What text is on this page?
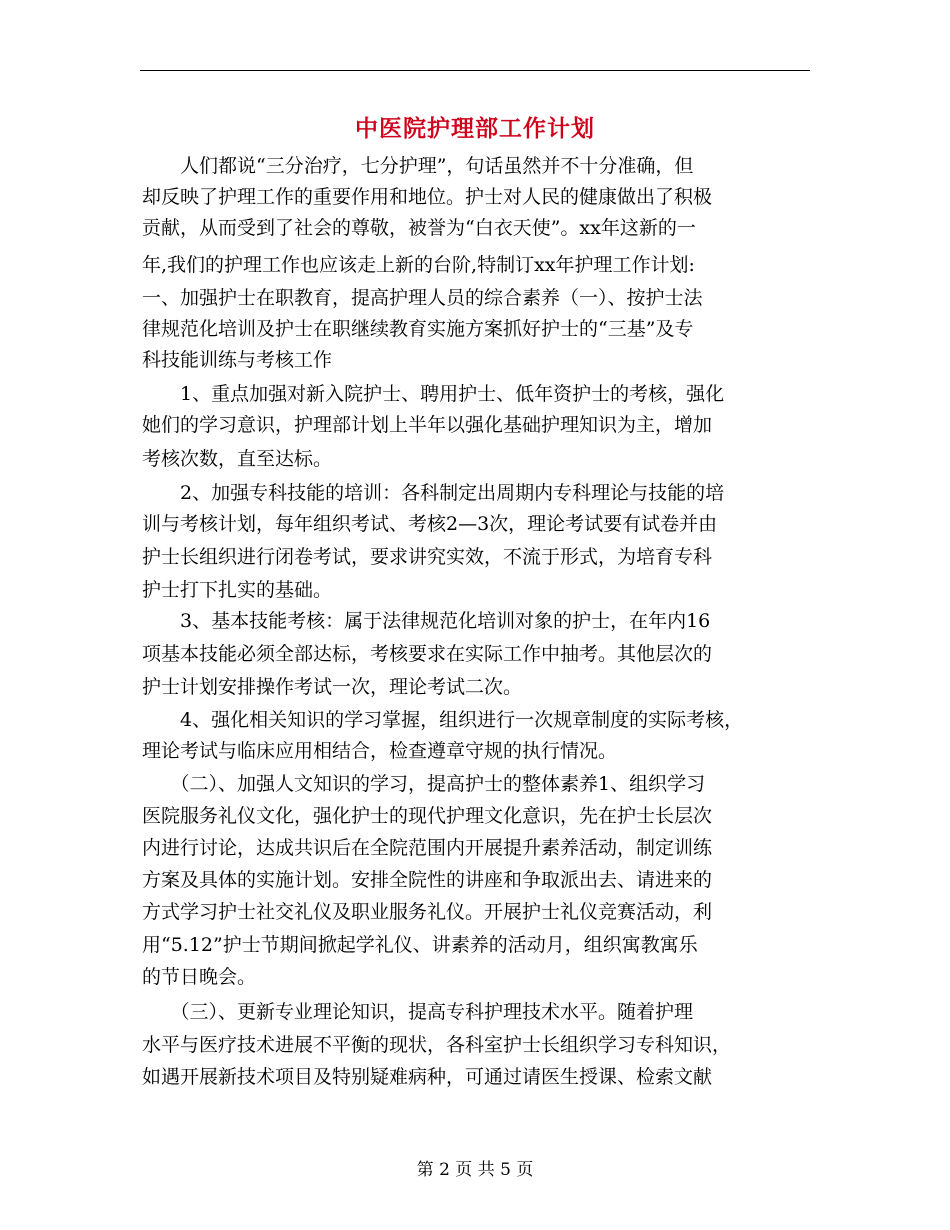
中医院护理部工作计划
　　人们都说“三分治疗，七分护理”，句话虽然并不十分准确，但
却反映了护理工作的重要作用和地位。护士对人民的健康做出了积极
贡献，从而受到了社会的尊敬，被誉为“白衣天使”。xx年这新的一
年,我们的护理工作也应该走上新的台阶,特制订xx年护理工作计划:
一、加强护士在职教育，提高护理人员的综合素养（一）、按护士法
律规范化培训及护士在职继续教育实施方案抓好护士的“三基”及专
科技能训练与考核工作
　　1、重点加强对新入院护士、聘用护士、低年资护士的考核，强化
她们的学习意识，护理部计划上半年以强化基础护理知识为主，增加
考核次数，直至达标。
　　2、加强专科技能的培训：各科制定出周期内专科理论与技能的培
训与考核计划，每年组织考试、考核2—3次，理论考试要有试卷并由
护士长组织进行闭卷考试，要求讲究实效，不流于形式，为培育专科
护士打下扎实的基础。
　　3、基本技能考核：属于法律规范化培训对象的护士，在年内16
项基本技能必须全部达标，考核要求在实际工作中抽考。其他层次的
护士计划安排操作考试一次，理论考试二次。
　　4、强化相关知识的学习掌握，组织进行一次规章制度的实际考核，
理论考试与临床应用相结合，检查遵章守规的执行情况。
　　（二）、加强人文知识的学习，提高护士的整体素养1、组织学习
医院服务礼仪文化，强化护士的现代护理文化意识，先在护士长层次
内进行讨论，达成共识后在全院范围内开展提升素养活动，制定训练
方案及具体的实施计划。安排全院性的讲座和争取派出去、请进来的
方式学习护士社交礼仪及职业服务礼仪。开展护士礼仪竞赛活动，利
用“5.12”护士节期间掀起学礼仪、讲素养的活动月，组织寓教寓乐
的节日晚会。
　　（三）、更新专业理论知识，提高专科护理技术水平。随着护理
水平与医疗技术进展不平衡的现状，各科室护士长组织学习专科知识，
如遇开展新技术项目及特别疑难病种，可通过请医生授课、检索文献
第 2 页 共 5 页
